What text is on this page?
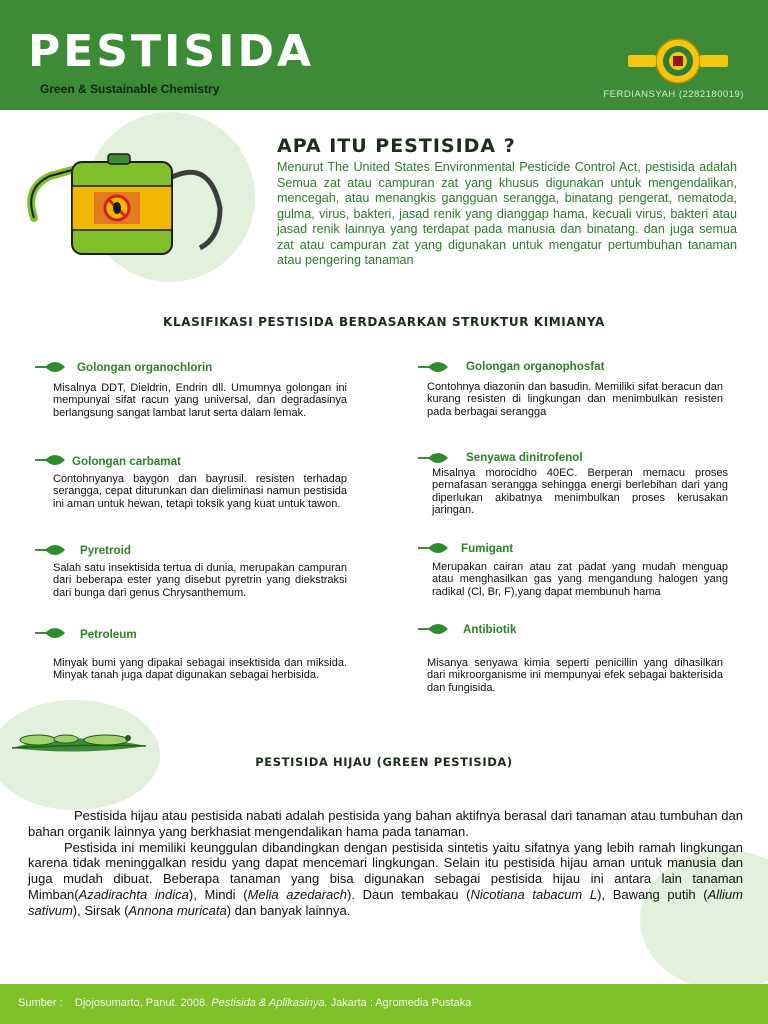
PESTISIDA
Green & Sustainable Chemistry	FERDIANSYAH (2282180019)
APA ITU PESTISIDA ?

Menurut The United States Environmental Pesticide Control Act, pestisida adalah Semua zat atau campuran zat yang khusus digunakan untuk mengendalikan, mencegah, atau menangkis gangguan serangga, binatang pengerat, nematoda, gulma, virus, bakteri, jasad renik yang dianggap hama, kecuali virus, bakteri atau jasad renik lainnya yang terdapat pada manusia dan binatang. dan juga semua zat atau campuran zat yang digunakan untuk mengatur pertumbuhan tanaman atau pengering tanaman

KLASIFIKASI PESTISIDA BERDASARKAN STRUKTUR KIMIANYA
Golongan organochlorin

Misalnya DDT, Dieldrin, Endrin dll. Umumnya golongan ini mempunyai sifat racun yang universal, dan degradasinya berlangsung sangat lambat larut serta dalam lemak.

Golongan carbamat

Contohnyanya baygon dan bayrusil. resisten terhadap serangga, cepat diturunkan dan dieliminasi namun pestisida ini aman untuk hewan, tetapi toksik yang kuat untuk tawon.

Pyretroid

Salah satu insektisida tertua di dunia, merupakan campuran dari beberapa ester yang disebut pyretrin yang diekstraksi dari bunga dari genus Chrysanthemum.

Petroleum

Minyak bumi yang dipakai sebagai insektisida dan miksida. Minyak tanah juga dapat digunakan sebagai herbisida.

Golongan organophosfat

Contohnya diazonin dan basudin. Memiliki sifat beracun dan kurang resisten di lingkungan dan menimbulkan resisten pada berbagai serangga

Senyawa dinitrofenol

Misalnya morocidho 40EC. Berperan memacu proses pernafasan serangga sehingga energi berlebihan dari yang diperlukan akibatnya menimbulkan proses kerusakan jaringan.

Fumigant

Merupakan cairan atau zat padat yang mudah menguap atau menghasilkan gas yang mengandung halogen yang radikal (Cl, Br, F),yang dapat membunuh hama

Antibiotik

Misanya senyawa kimia seperti penicillin yang dihasilkan dari mikroorganisme ini mempunyai efek sebagai bakterisida dan fungisida.

PESTISIDA HIJAU (GREEN PESTISIDA)

Pestisida hijau atau pestisida nabati adalah pestisida yang bahan aktifnya berasal dari tanaman atau tumbuhan dan bahan organik lainnya yang berkhasiat mengendalikan hama pada tanaman.
Pestisida ini memiliki keunggulan dibandingkan dengan pestisida sintetis yaitu sifatnya yang lebih ramah lingkungan karena tidak meninggalkan residu yang dapat mencemari lingkungan. Selain itu pestisida hijau aman untuk manusia dan juga mudah dibuat. Beberapa tanaman yang bisa digunakan sebagai pestisida hijau ini antara lain tanaman Mimban(Azadirachta indica), Mindi (Melia azedarach). Daun tembakau (Nicotiana tabacum L), Bawang putih (Allium sativum), Sirsak (Annona muricata) dan banyak lainnya.

Sumber : Djojosumarto, Panut. 2008. Pestisida & Aplikasinya. Jakarta : Agromedia Pustaka
